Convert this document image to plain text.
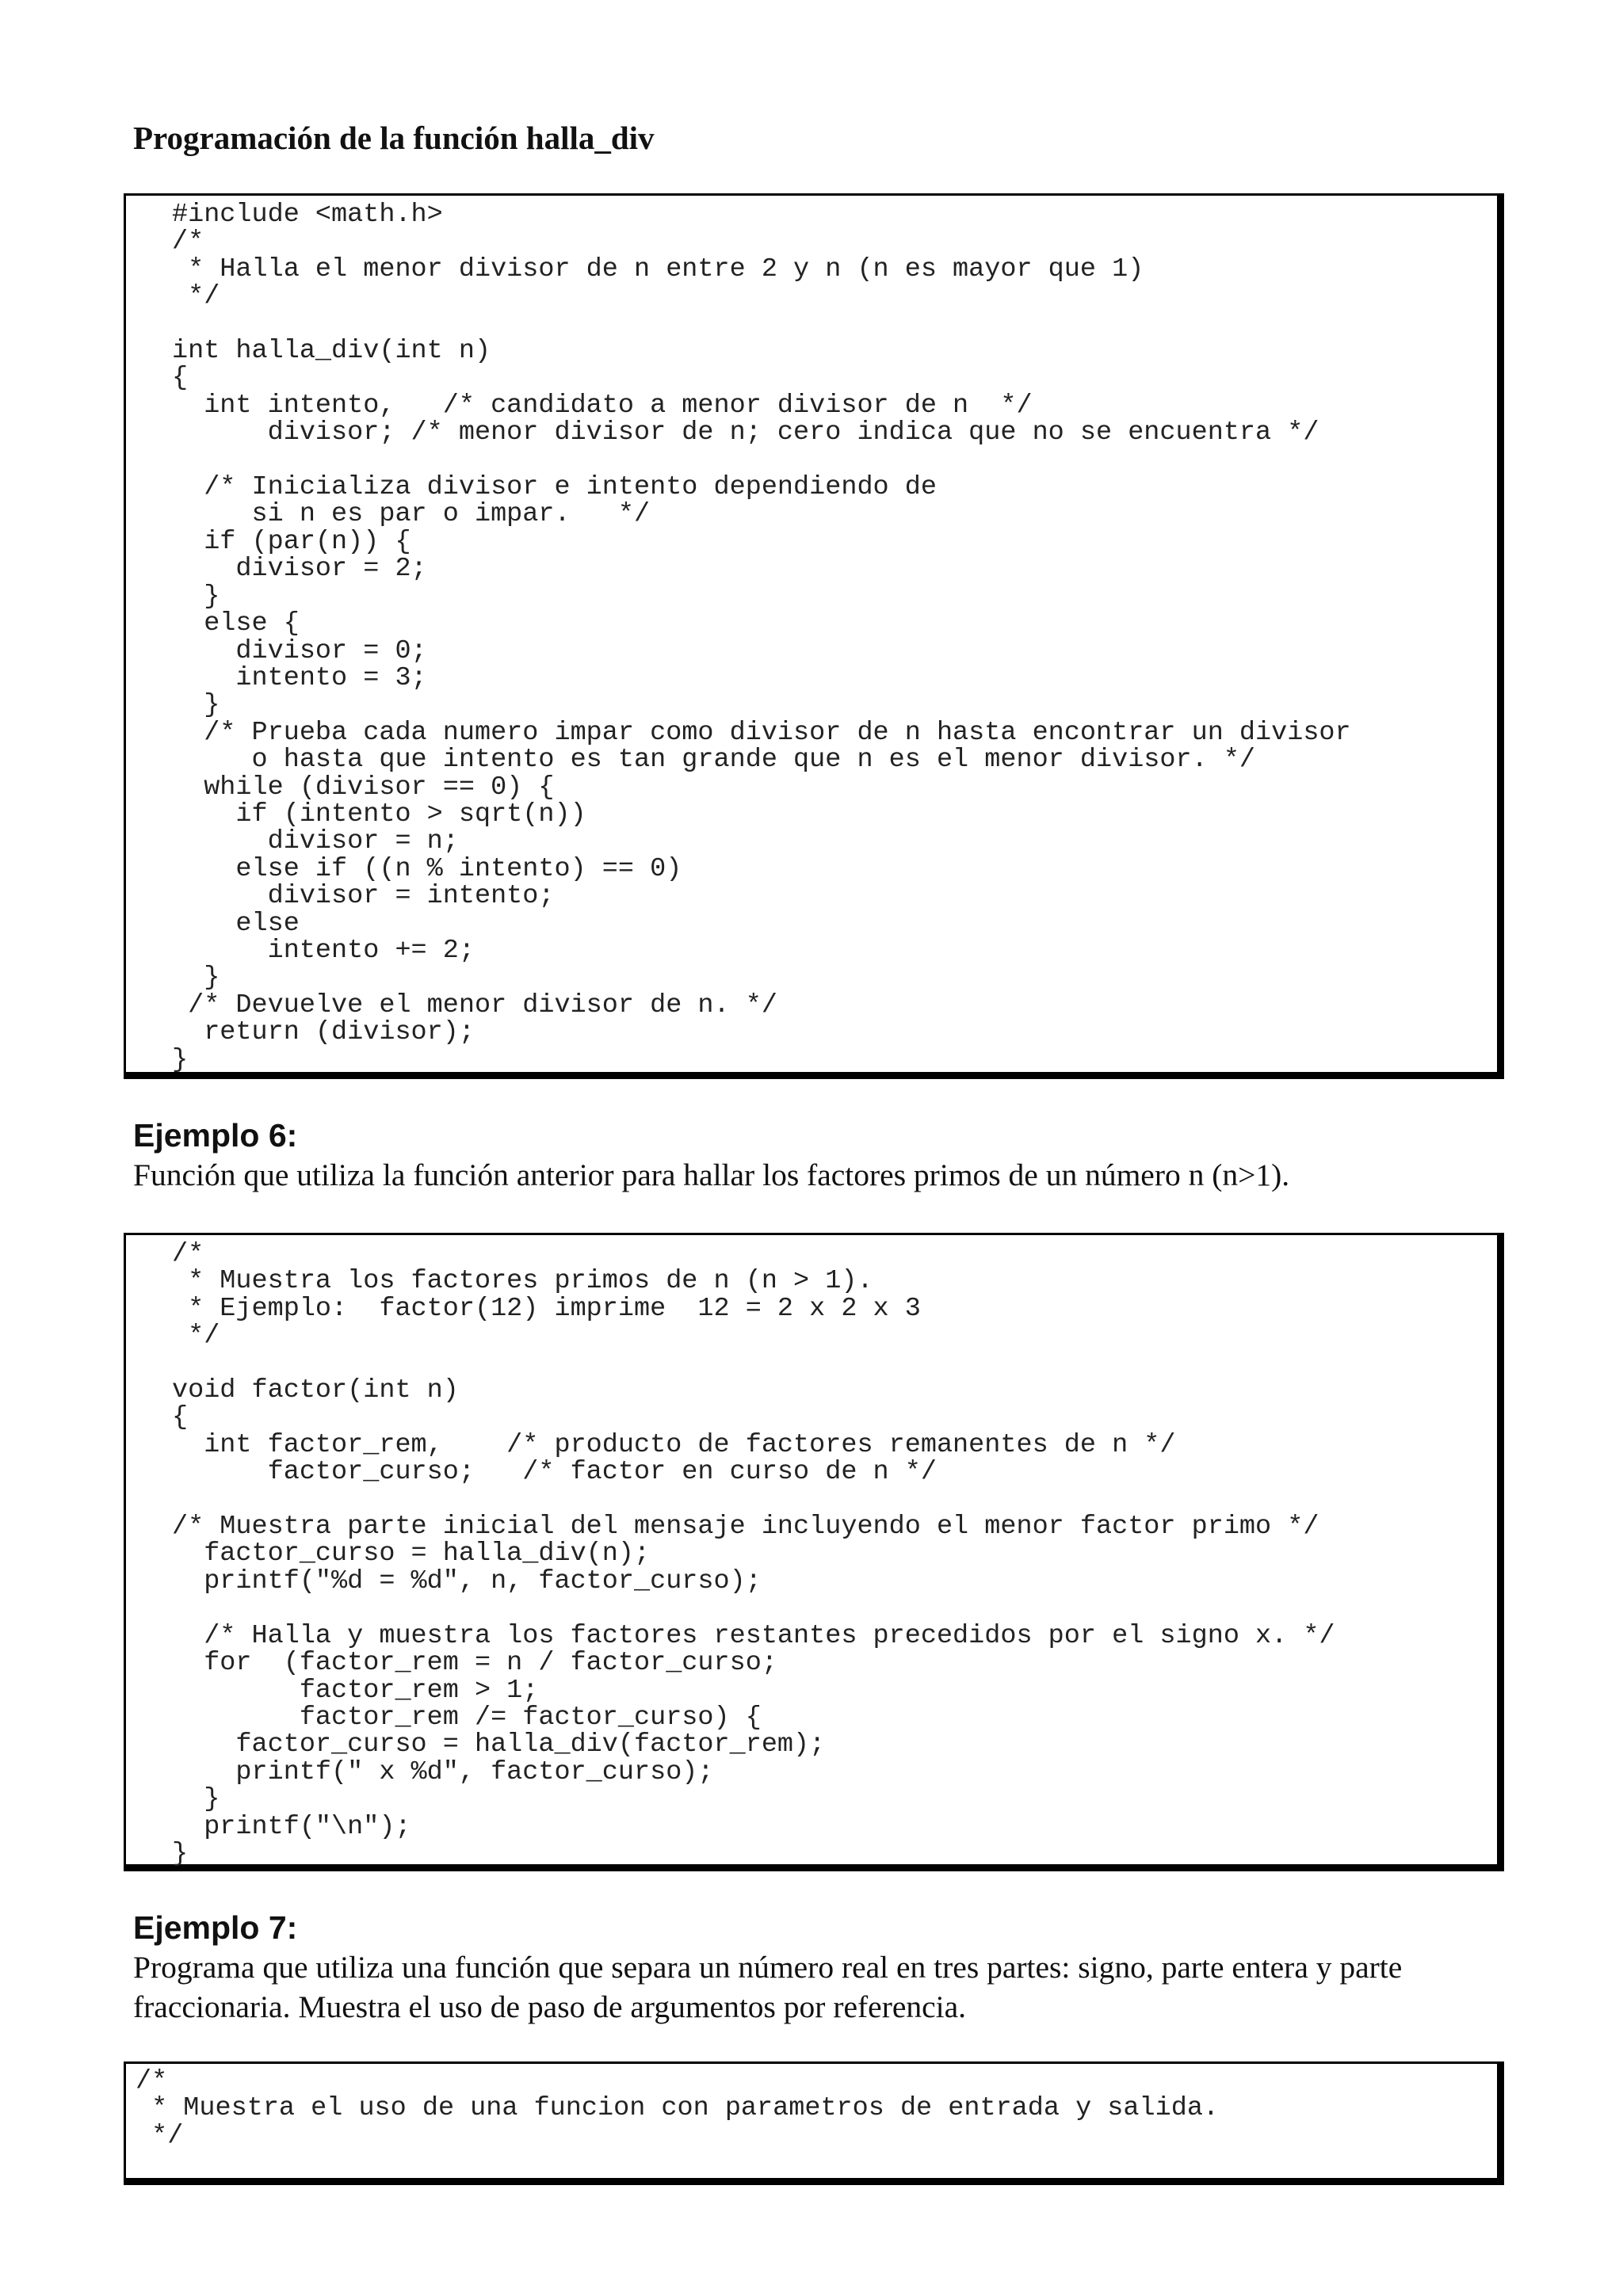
Programación de la función halla_div
#include <math.h>
/*
* Halla el menor divisor de n entre 2 y n (n es mayor que 1)
*/

int halla_div(int n)
{
int intento,   /* candidato a menor divisor de n  */
divisor; /* menor divisor de n; cero indica que no se encuentra */

/* Inicializa divisor e intento dependiendo de
si n es par o impar.   */
if (par(n)) {
divisor = 2;
}
else {
divisor = 0;
intento = 3;
}
/* Prueba cada numero impar como divisor de n hasta encontrar un divisor
o hasta que intento es tan grande que n es el menor divisor. */
while (divisor == 0) {
if (intento > sqrt(n))
divisor = n;
else if ((n % intento) == 0)
divisor = intento;
else
intento += 2;
}
/* Devuelve el menor divisor de n. */
return (divisor);
}
Ejemplo 6:

Función que utiliza la función anterior para hallar los factores primos de un número n (n>1).

/*
* Muestra los factores primos de n (n > 1).
* Ejemplo:  factor(12) imprime  12 = 2 x 2 x 3
*/

void factor(int n)
{
int factor_rem,    /* producto de factores remanentes de n */
factor_curso;   /* factor en curso de n */

/* Muestra parte inicial del mensaje incluyendo el menor factor primo */
factor_curso = halla_div(n);
printf("%d = %d", n, factor_curso);

/* Halla y muestra los factores restantes precedidos por el signo x. */
for  (factor_rem = n / factor_curso;
factor_rem > 1;
factor_rem /= factor_curso) {
factor_curso = halla_div(factor_rem);
printf(" x %d", factor_curso);
}
printf("\n");
}
Ejemplo 7:

Programa que utiliza una función que separa un número real en tres partes: signo, parte entera y parte fraccionaria. Muestra el uso de paso de argumentos por referencia.

/*
* Muestra el uso de una funcion con parametros de entrada y salida.
*/
